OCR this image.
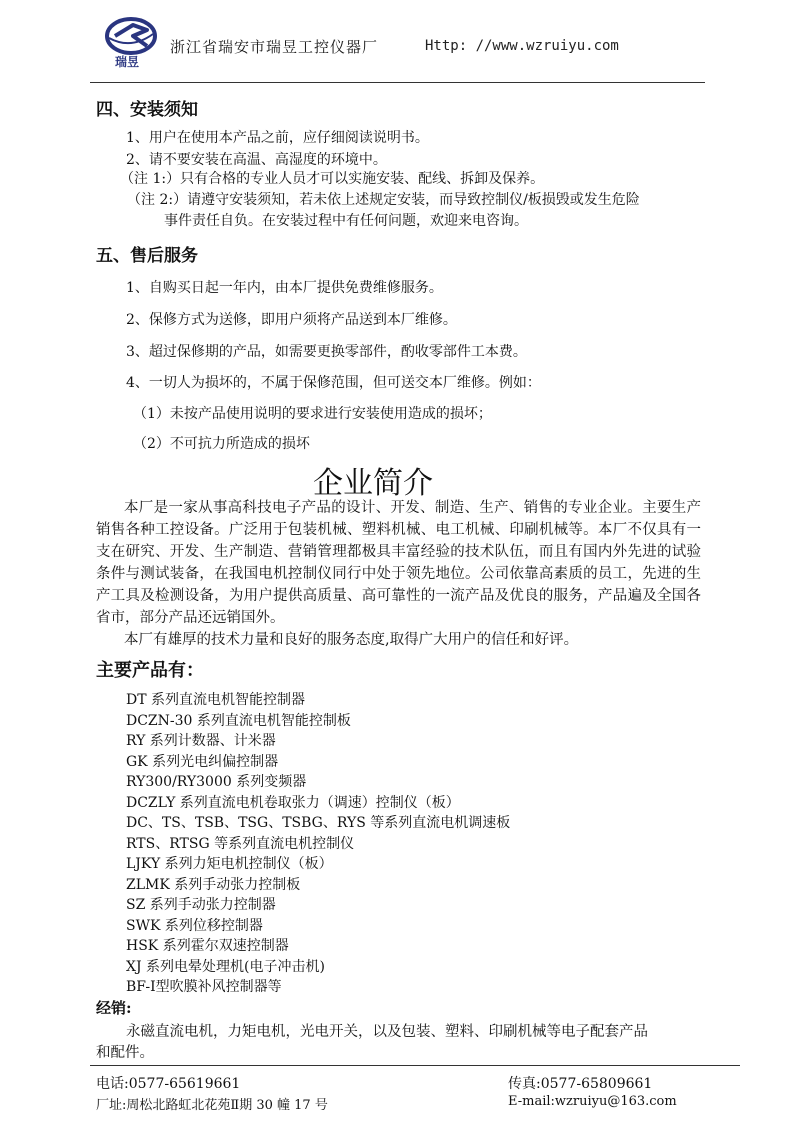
瑞昱
浙江省瑞安市瑞昱工控仪器厂	Http: //www.wzruiyu.com
四、安装须知
1、用户在使用本产品之前，应仔细阅读说明书。
2、请不要安装在高温、高湿度的环境中。
（注 1:）只有合格的专业人员才可以实施安装、配线、拆卸及保养。
（注 2:）请遵守安装须知，若未依上述规定安装，而导致控制仪/板损毁或发生危险
事件责任自负。在安装过程中有任何问题，欢迎来电咨询。
五、售后服务
1、自购买日起一年内，由本厂提供免费维修服务。
2、保修方式为送修，即用户须将产品送到本厂维修。
3、超过保修期的产品，如需要更换零部件，酌收零部件工本费。
4、一切人为损坏的，不属于保修范围，但可送交本厂维修。例如：
（1）未按产品使用说明的要求进行安装使用造成的损坏；
（2）不可抗力所造成的损坏
企业简介

本厂是一家从事高科技电子产品的设计、开发、制造、生产、销售的专业企业。主要生产销售各种工控设备。广泛用于包装机械、塑料机械、电工机械、印刷机械等。本厂不仅具有一支在研究、开发、生产制造、营销管理都极具丰富经验的技术队伍，而且有国内外先进的试验条件与测试装备，在我国电机控制仪同行中处于领先地位。公司依靠高素质的员工，先进的生产工具及检测设备，为用户提供高质量、高可靠性的一流产品及优良的服务，产品遍及全国各省市，部分产品还远销国外。

本厂有雄厚的技术力量和良好的服务态度,取得广大用户的信任和好评。

主要产品有：
DT 系列直流电机智能控制器
DCZN-30 系列直流电机智能控制板
RY 系列计数器、计米器
GK 系列光电纠偏控制器
RY300/RY3000 系列变频器
DCZLY 系列直流电机卷取张力（调速）控制仪（板）
DC、TS、TSB、TSG、TSBG、RYS 等系列直流电机调速板
RTS、RTSG 等系列直流电机控制仪
LJKY 系列力矩电机控制仪（板）
ZLMK 系列手动张力控制板
SZ 系列手动张力控制器
SWK 系列位移控制器
HSK 系列霍尔双速控制器
XJ 系列电晕处理机(电子冲击机)
BF-Ⅰ型吹膜补风控制器等
经销:
永磁直流电机，力矩电机，光电开关，以及包装、塑料、印刷机械等电子配套产品
和配件。
电话:0577-65619661	传真:0577-65809661
厂址:周松北路虹北花苑Ⅱ期 30 幢 17 号	E-mail:wzruiyu@163.com
